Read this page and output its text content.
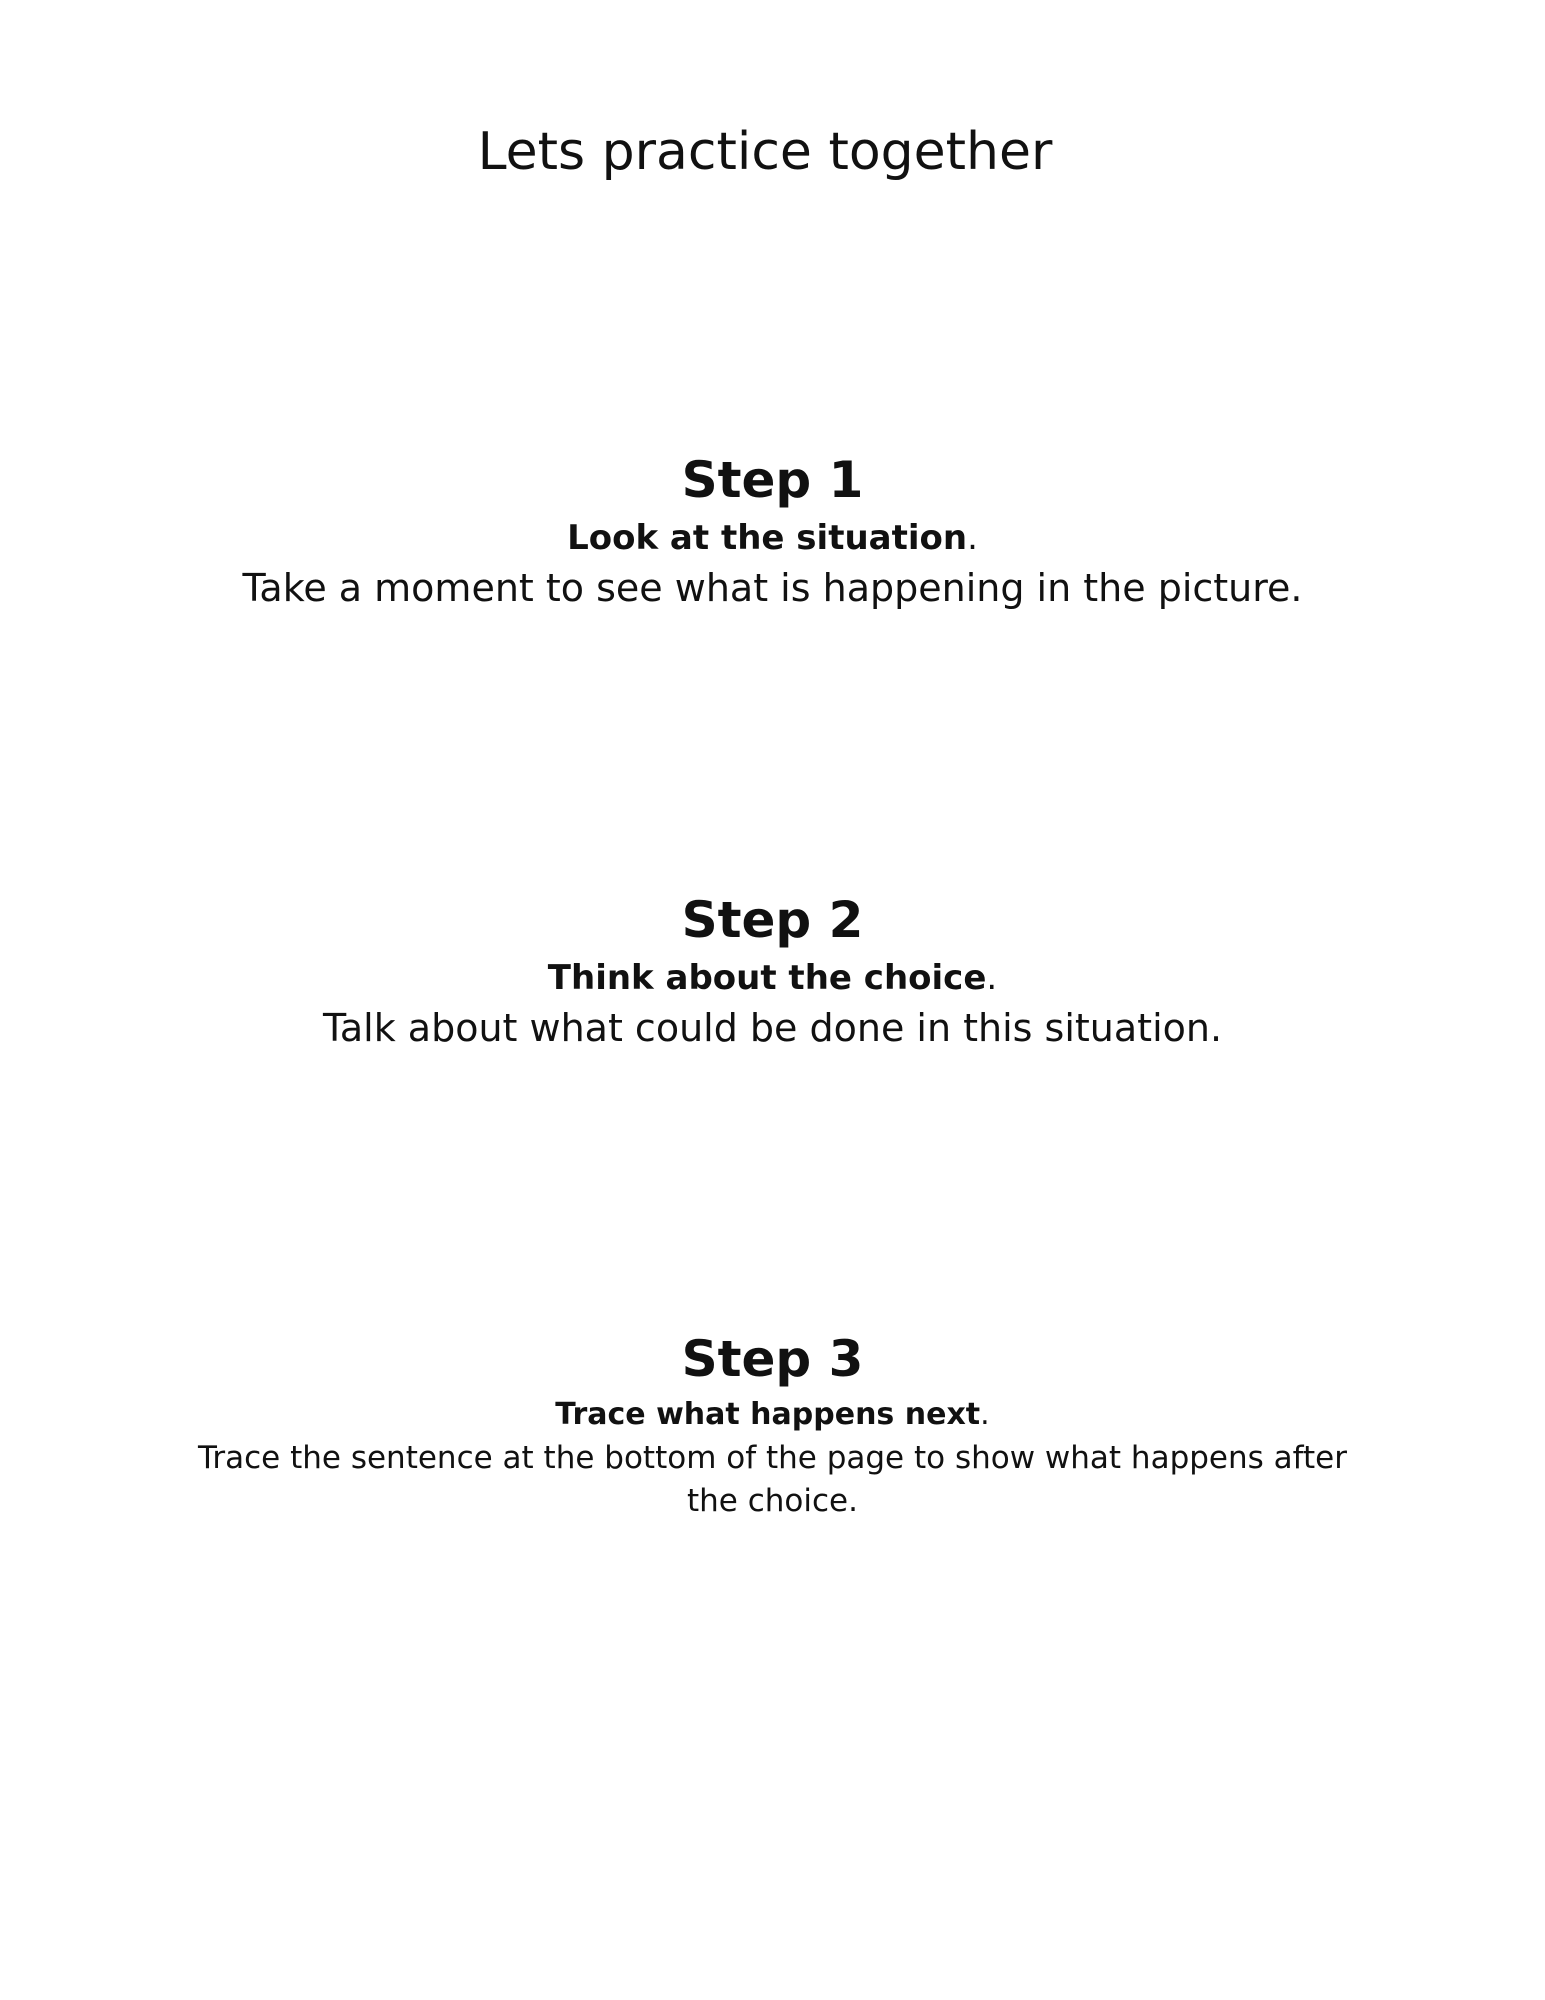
Lets practice together
Step 1

Look at the situation.

Take a moment to see what is happening in the picture.

Step 2

Think about the choice.

Talk about what could be done in this situation.

Step 3

Trace what happens next.

Trace the sentence at the bottom of the page to show what happens after the choice.
